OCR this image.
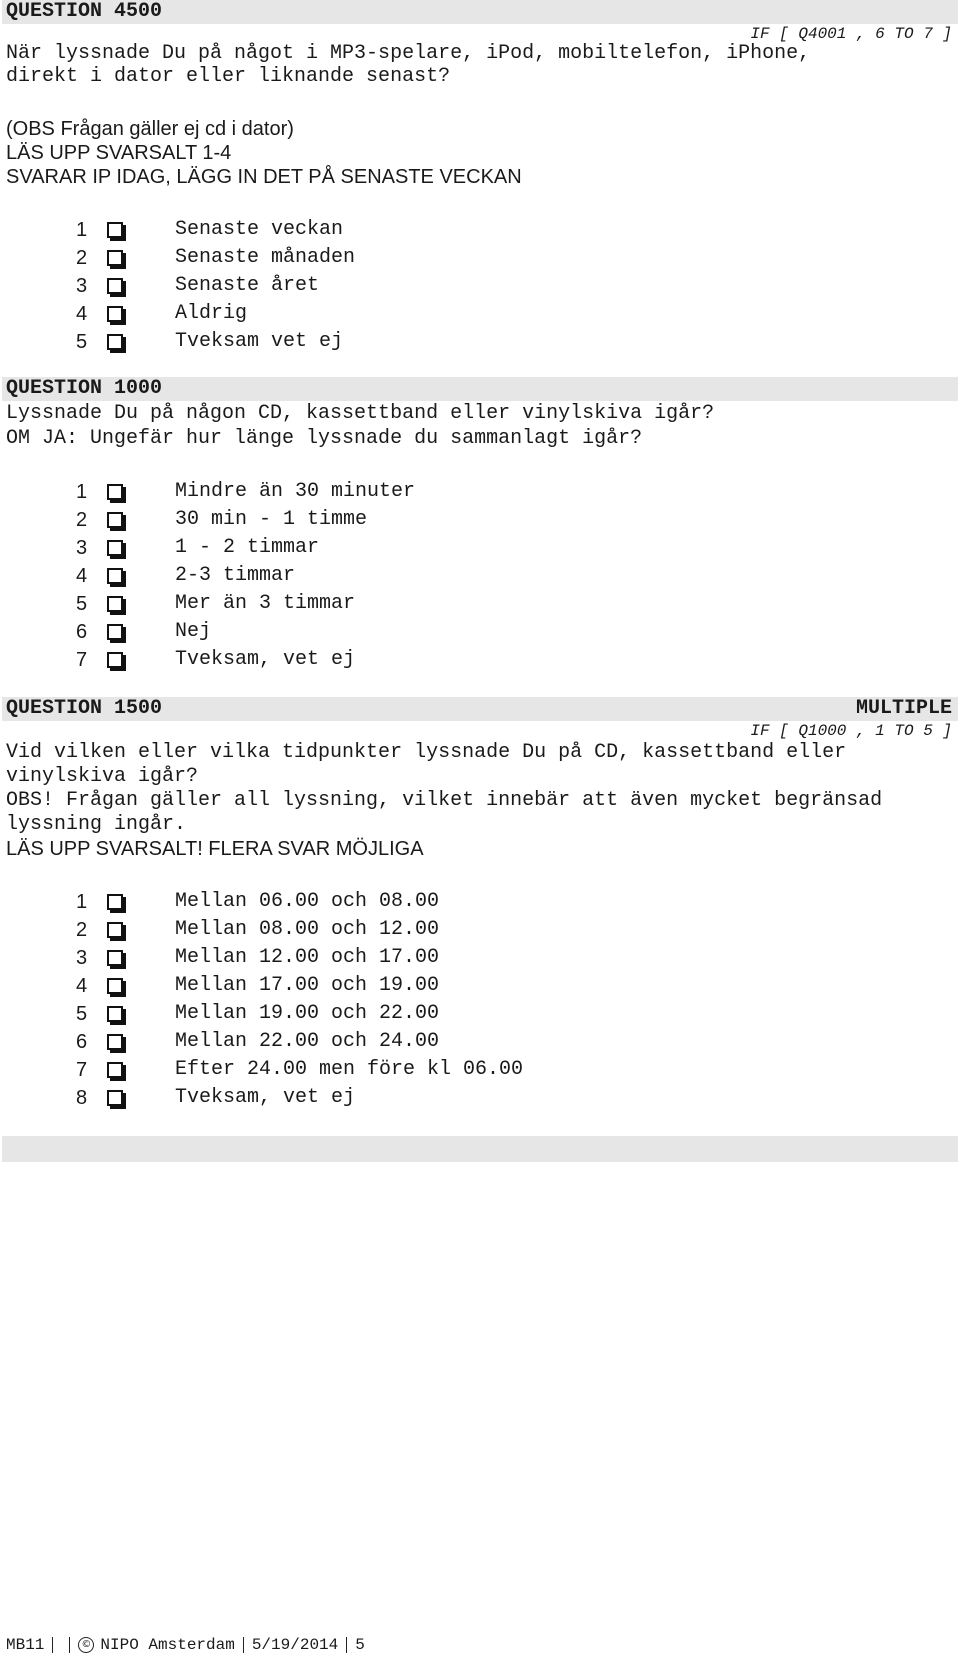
QUESTION 4500
IF [ Q4001 , 6 TO 7 ]
När lyssnade Du på något i MP3-spelare, iPod, mobiltelefon, iPhone,
direkt i dator eller liknande senast?
(OBS Frågan gäller ej cd i dator)
LÄS UPP SVARSALT 1-4
SVARAR IP IDAG, LÄGG IN DET PÅ SENASTE VECKAN
1	Senaste veckan
2	Senaste månaden
3	Senaste året
4	Aldrig
5	Tveksam vet ej
QUESTION 1000
Lyssnade Du på någon CD, kassettband eller vinylskiva igår?
OM JA: Ungefär hur länge lyssnade du sammanlagt igår?
1	Mindre än 30 minuter
2	30 min - 1 timme
3	1 - 2 timmar
4	2-3 timmar
5	Mer än 3 timmar
6	Nej
7	Tveksam, vet ej
QUESTION 1500	MULTIPLE
IF [ Q1000 , 1 TO 5 ]
Vid vilken eller vilka tidpunkter lyssnade Du på CD, kassettband eller
vinylskiva igår?
OBS! Frågan gäller all lyssning, vilket innebär att även mycket begränsad
lyssning ingår.
LÄS UPP SVARSALT! FLERA SVAR MÖJLIGA
1	Mellan 06.00 och 08.00
2	Mellan 08.00 och 12.00
3	Mellan 12.00 och 17.00
4	Mellan 17.00 och 19.00
5	Mellan 19.00 och 22.00
6	Mellan 22.00 och 24.00
7	Efter 24.00 men före kl 06.00
8	Tveksam, vet ej
MB11	© NIPO Amsterdam 5/19/2014 5
